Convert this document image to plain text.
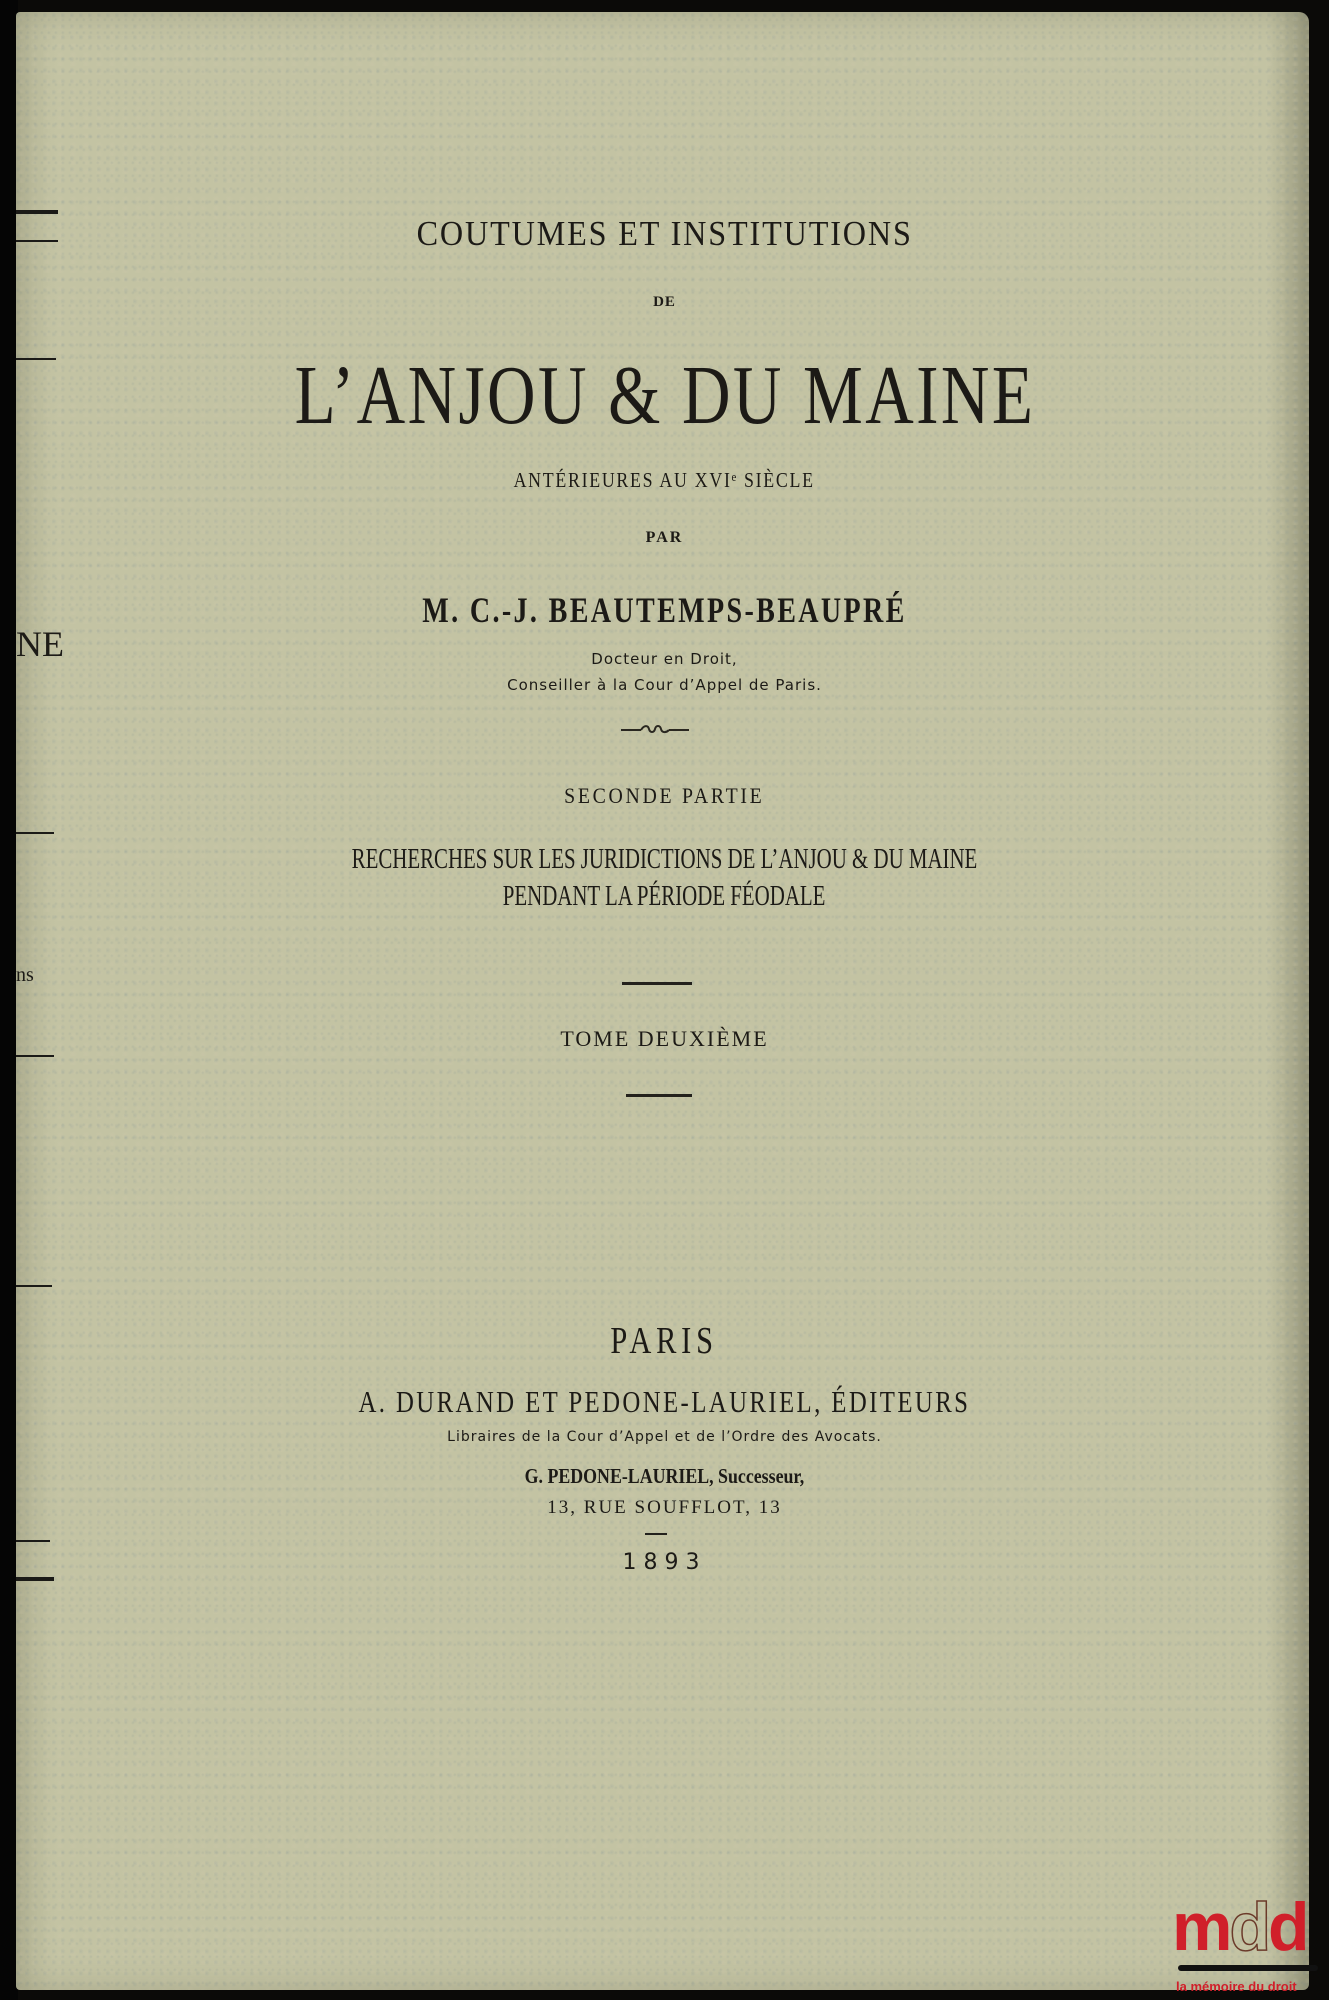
NE
ns
COUTUMES ET INSTITUTIONS
DE
L’ANJOU & DU MAINE
ANTÉRIEURES AU XVIᵉ SIÈCLE
PAR
M. C.-J. BEAUTEMPS-BEAUPRÉ
Docteur en Droit,
Conseiller à la Cour d’Appel de Paris.
SECONDE PARTIE
RECHERCHES SUR LES JURIDICTIONS DE L’ANJOU & DU MAINE
PENDANT LA PÉRIODE FÉODALE
TOME DEUXIÈME
PARIS
A. DURAND ET PEDONE-LAURIEL, ÉDITEURS
Libraires de la Cour d’Appel et de l’Ordre des Avocats.
G. PEDONE-LAURIEL, Successeur,
13, RUE SOUFFLOT, 13
1893
mdd
la mémoire du droit
